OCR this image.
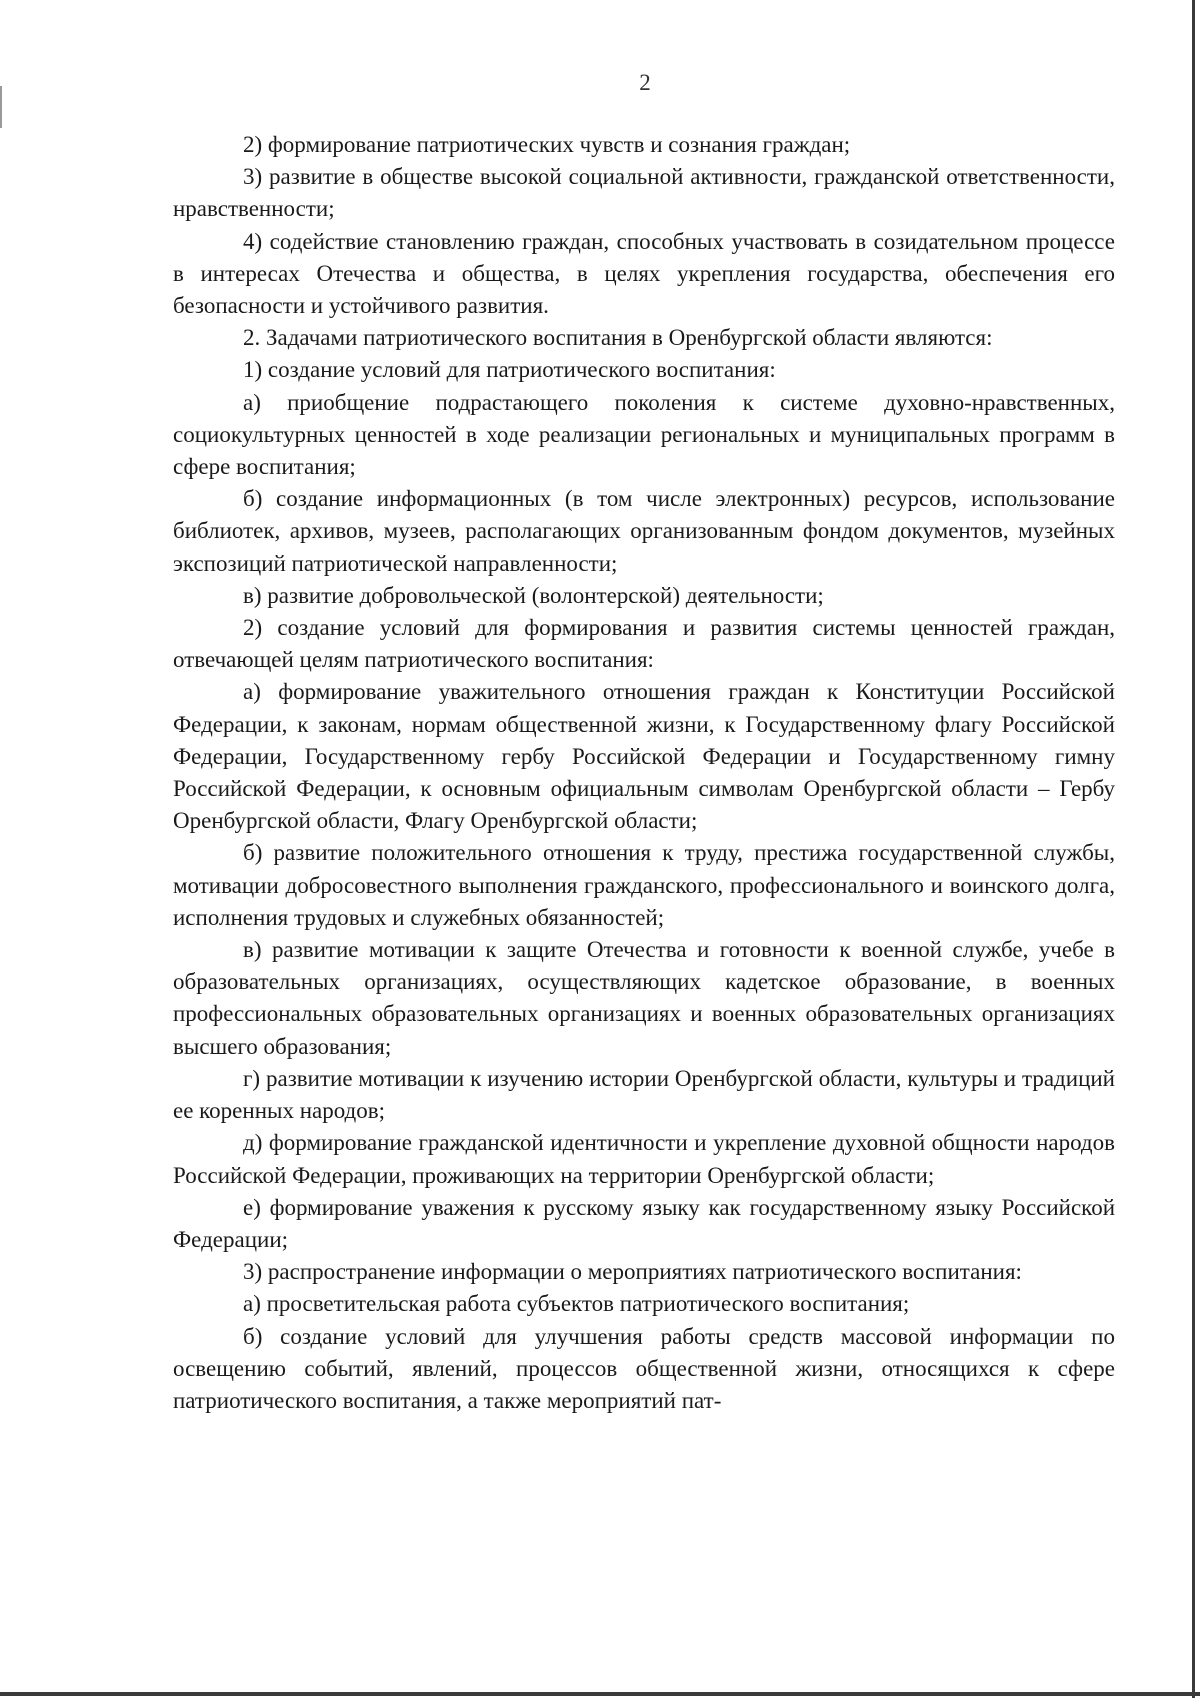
2

2) формирование патриотических чувств и сознания граждан;

3) развитие в обществе высокой социальной активности, гражданской ответственности, нравственности;

4) содействие становлению граждан, способных участвовать в созидательном процессе в интересах Отечества и общества, в целях укрепления государства, обеспечения его безопасности и устойчивого развития.

2. Задачами патриотического воспитания в Оренбургской области являются:

1) создание условий для патриотического воспитания:

а) приобщение подрастающего поколения к системе духовно-нравственных, социокультурных ценностей в ходе реализации региональных и муниципальных программ в сфере воспитания;

б) создание информационных (в том числе электронных) ресурсов, использование библиотек, архивов, музеев, располагающих организованным фондом документов, музейных экспозиций патриотической направленности;

в) развитие добровольческой (волонтерской) деятельности;

2) создание условий для формирования и развития системы ценностей граждан, отвечающей целям патриотического воспитания:

а) формирование уважительного отношения граждан к Конституции Российской Федерации, к законам, нормам общественной жизни, к Государственному флагу Российской Федерации, Государственному гербу Российской Федерации и Государственному гимну Российской Федерации, к основным официальным символам Оренбургской области – Гербу Оренбургской области, Флагу Оренбургской области;

б) развитие положительного отношения к труду, престижа государственной службы, мотивации добросовестного выполнения гражданского, профессионального и воинского долга, исполнения трудовых и служебных обязанностей;

в) развитие мотивации к защите Отечества и готовности к военной службе, учебе в образовательных организациях, осуществляющих кадетское образование, в военных профессиональных образовательных организациях и военных образовательных организациях высшего образования;

г) развитие мотивации к изучению истории Оренбургской области, культуры и традиций ее коренных народов;

д) формирование гражданской идентичности и укрепление духовной общности народов Российской Федерации, проживающих на территории Оренбургской области;

е) формирование уважения к русскому языку как государственному языку Российской Федерации;

3) распространение информации о мероприятиях патриотического воспитания:

а) просветительская работа субъектов патриотического воспитания;

б) создание условий для улучшения работы средств массовой информации по освещению событий, явлений, процессов общественной жизни, относящихся к сфере патриотического воспитания, а также мероприятий пат-
